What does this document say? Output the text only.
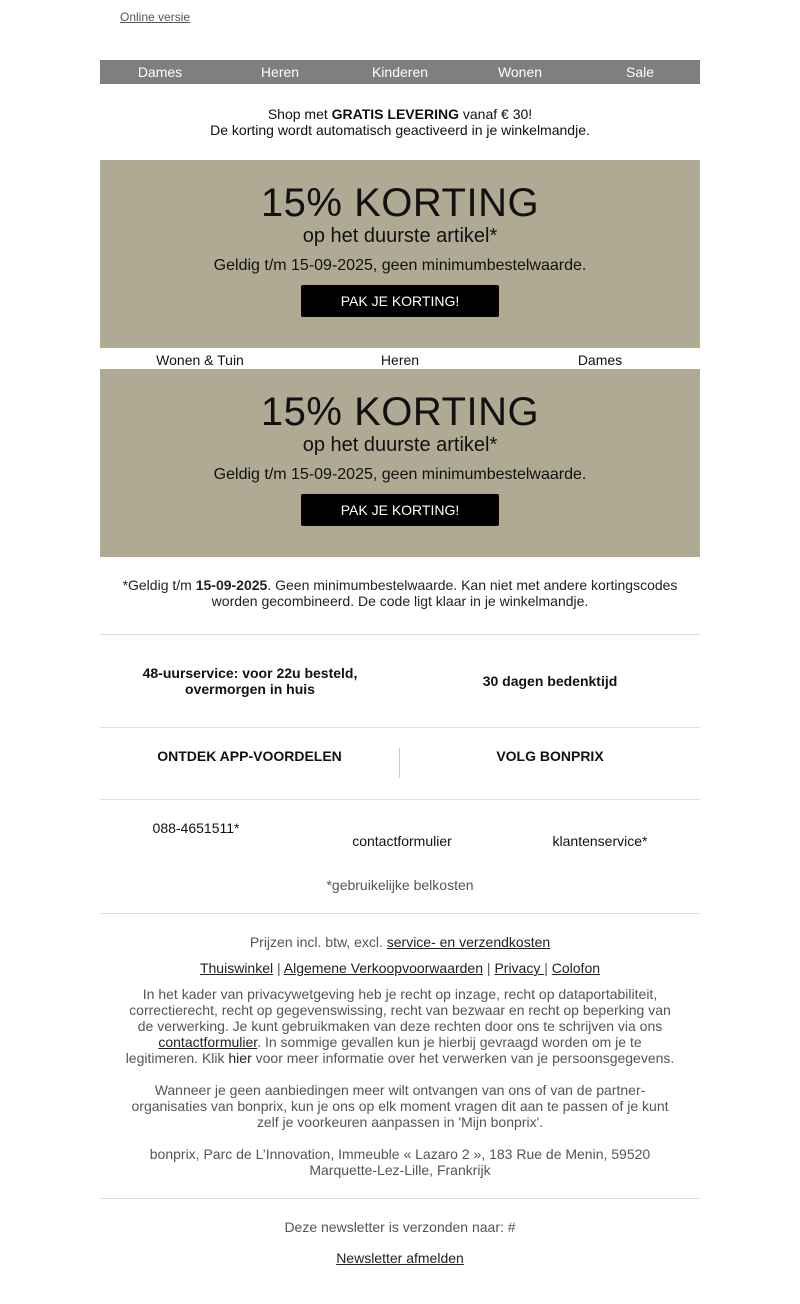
Online versie
Dames	Heren	Kinderen	Wonen	Sale
Shop met GRATIS LEVERING vanaf € 30!
De korting wordt automatisch geactiveerd in je winkelmandje.
15% KORTING
op het duurste artikel*
Geldig t/m 15-09-2025, geen minimumbestelwaarde.
PAK JE KORTING!
Wonen & Tuin	Heren	Dames
15% KORTING
op het duurste artikel*
Geldig t/m 15-09-2025, geen minimumbestelwaarde.
PAK JE KORTING!
*Geldig t/m 15-09-2025. Geen minimumbestelwaarde. Kan niet met andere kortingscodes worden gecombineerd. De code ligt klaar in je winkelmandje.
48-uurservice: voor 22u besteld, overmorgen in huis	30 dagen bedenktijd
ONTDEK APP-VOORDELEN	VOLG BONPRIX
088-4651511*
contactformulier	klantenservice*
*gebruikelijke belkosten
Prijzen incl. btw, excl. service- en verzendkosten
Thuiswinkel | Algemene Verkoopvoorwaarden | Privacy | Colofon
In het kader van privacywetgeving heb je recht op inzage, recht op dataportabiliteit, correctierecht, recht op gegevenswissing, recht van bezwaar en recht op beperking van de verwerking. Je kunt gebruikmaken van deze rechten door ons te schrijven via ons contactformulier. In sommige gevallen kun je hierbij gevraagd worden om je te legitimeren. Klik hier voor meer informatie over het verwerken van je persoonsgegevens.
Wanneer je geen aanbiedingen meer wilt ontvangen van ons of van de partner-organisaties van bonprix, kun je ons op elk moment vragen dit aan te passen of je kunt zelf je voorkeuren aanpassen in 'Mijn bonprix'.
bonprix, Parc de L’Innovation, Immeuble « Lazaro 2 », 183 Rue de Menin, 59520 Marquette-Lez-Lille, Frankrijk
Deze newsletter is verzonden naar: #
Newsletter afmelden
